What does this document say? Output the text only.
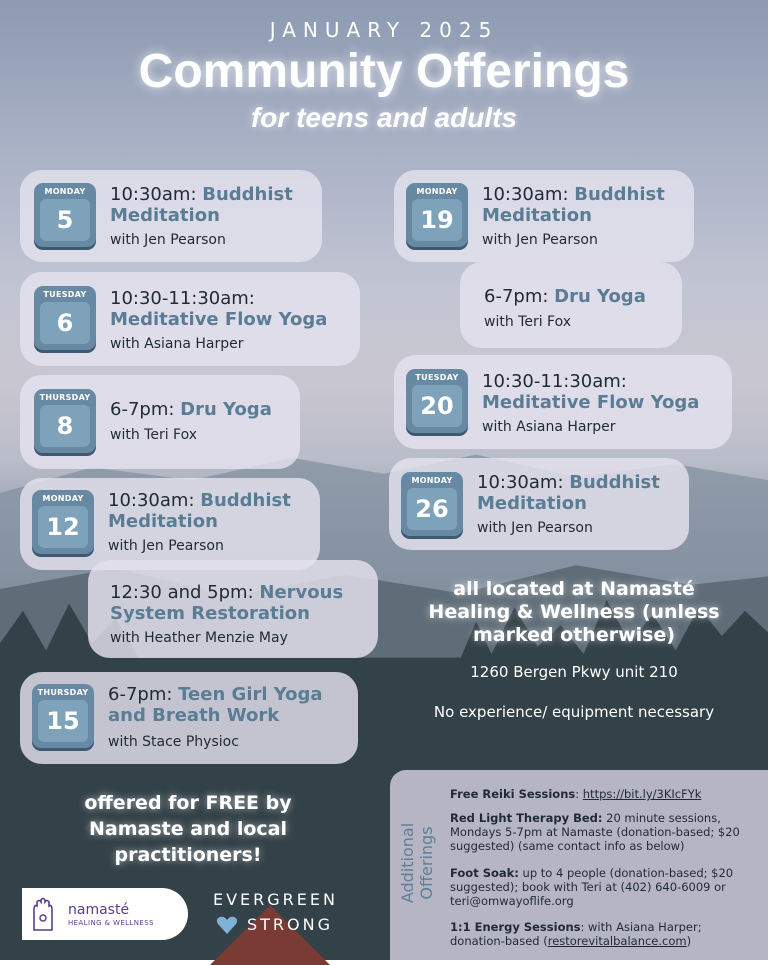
JANUARY 2025
Community Offerings
for teens and adults
MONDAY
5
10:30am: Buddhist Meditation
with Jen Pearson
TUESDAY
6
10:30-11:30am:
Meditative Flow Yoga
with Asiana Harper
THURSDAY
8
6-7pm: Dru Yoga
with Teri Fox
MONDAY
12
10:30am: Buddhist Meditation
with Jen Pearson
12:30 and 5pm: Nervous System Restoration
with Heather Menzie May
THURSDAY
15
6-7pm: Teen Girl Yoga and Breath Work
with Stace Physioc
MONDAY
19
10:30am: Buddhist Meditation
with Jen Pearson
6-7pm: Dru Yoga
with Teri Fox
TUESDAY
20
10:30-11:30am:
Meditative Flow Yoga
with Asiana Harper
MONDAY
26
10:30am: Buddhist Meditation
with Jen Pearson
all located at Namasté Healing & Wellness (unless marked otherwise)
1260 Bergen Pkwy unit 210
No experience/ equipment necessary
offered for FREE by Namaste and local practitioners!
namasté
HEALING & WELLNESS
EVERGREEN
STRONG
Additional Offerings
Free Reiki Sessions: https://bit.ly/3KIcFYk
Red Light Therapy Bed: 20 minute sessions, Mondays 5-7pm at Namaste (donation-based; $20 suggested) (same contact info as below)
Foot Soak: up to 4 people (donation-based; $20 suggested); book with Teri at (402) 640-6009 or teri@omwayoflife.org
1:1 Energy Sessions: with Asiana Harper; donation-based (restorevitalbalance.com)
